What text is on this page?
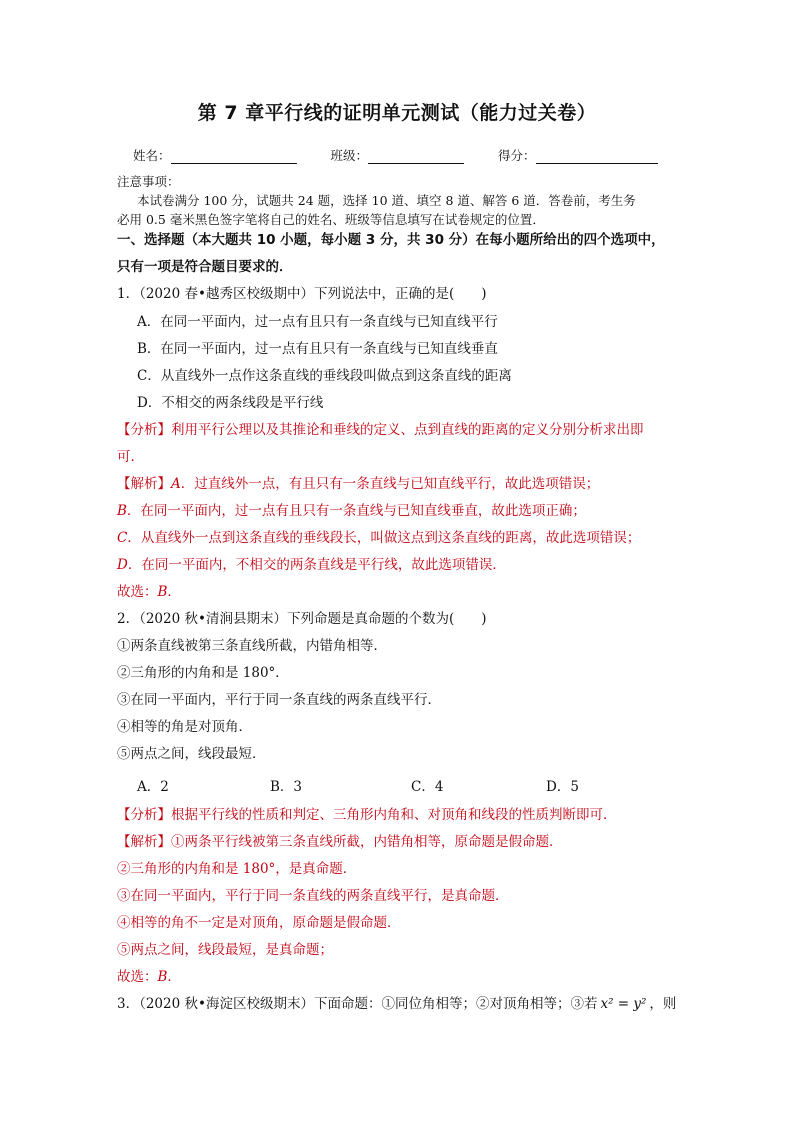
第 7 章平行线的证明单元测试（能力过关卷）
姓名：	班级：	得分：
注意事项：
本试卷满分 100 分，试题共 24 题，选择 10 道、填空 8 道、解答 6 道．答卷前，考生务
必用 0.5 毫米黑色签字笔将自己的姓名、班级等信息填写在试卷规定的位置．
一、选择题（本大题共 10 小题，每小题 3 分，共 30 分）在每小题所给出的四个选项中，
只有一项是符合题目要求的．
1．（2020 春•越秀区校级期中）下列说法中，正确的是(　　)
A．在同一平面内，过一点有且只有一条直线与已知直线平行
B．在同一平面内，过一点有且只有一条直线与已知直线垂直
C．从直线外一点作这条直线的垂线段叫做点到这条直线的距离
D．不相交的两条线段是平行线
【分析】利用平行公理以及其推论和垂线的定义、点到直线的距离的定义分别分析求出即
可．
【解析】A．过直线外一点，有且只有一条直线与已知直线平行，故此选项错误；
B．在同一平面内，过一点有且只有一条直线与已知直线垂直，故此选项正确；
C．从直线外一点到这条直线的垂线段长，叫做这点到这条直线的距离，故此选项错误；
D．在同一平面内，不相交的两条直线是平行线，故此选项错误．
故选：B．
2．（2020 秋•清涧县期末）下列命题是真命题的个数为(　　)
①两条直线被第三条直线所截，内错角相等．
②三角形的内角和是 180°．
③在同一平面内，平行于同一条直线的两条直线平行．
④相等的角是对顶角．
⑤两点之间，线段最短．
A．2	B．3	C．4	D．5
【分析】根据平行线的性质和判定、三角形内角和、对顶角和线段的性质判断即可．
【解析】①两条平行线被第三条直线所截，内错角相等，原命题是假命题．
②三角形的内角和是 180°，是真命题．
③在同一平面内，平行于同一条直线的两条直线平行，是真命题．
④相等的角不一定是对顶角，原命题是假命题．
⑤两点之间，线段最短，是真命题；
故选：B．
3．（2020 秋•海淀区校级期末）下面命题：①同位角相等；②对顶角相等；③若 x² = y² ，则
